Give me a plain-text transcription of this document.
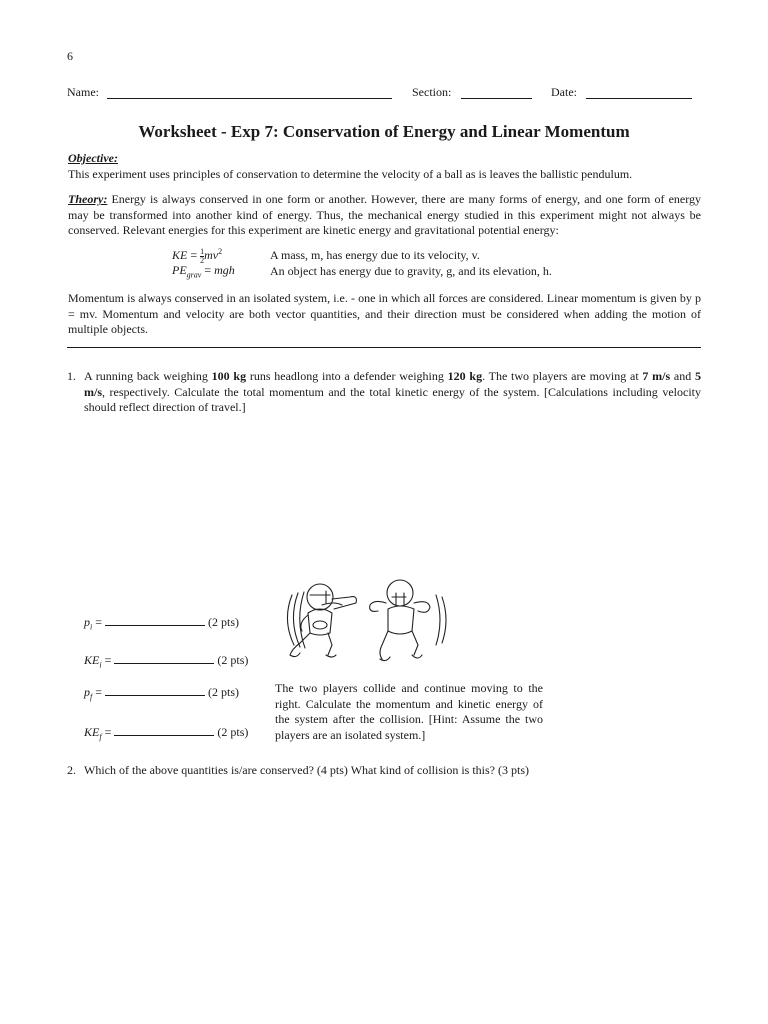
6
Name:	Section:	Date:
Worksheet - Exp 7: Conservation of Energy and Linear Momentum
Objective:
This experiment uses principles of conservation to determine the velocity of a ball as is leaves the ballistic pendulum.
Theory: Energy is always conserved in one form or another. However, there are many forms of energy, and one form of energy may be transformed into another kind of energy. Thus, the mechanical energy studied in this experiment might not always be conserved. Relevant energies for this experiment are kinetic energy and gravitational potential energy:
KE = $\frac{1}{2} mv^2$	A mass, m, has energy due to its velocity, v.
$PE_{grav}$ = mgh	An object has energy due to gravity, g, and its elevation, h.
Momentum is always conserved in an isolated system, i.e. - one in which all forces are considered. Linear momentum is given by p = mv. Momentum and velocity are both vector quantities, and their direction must be considered when adding the motion of multiple objects.
1. A running back weighing 100 kg runs headlong into a defender weighing 120 kg. The two players are moving at 7 m/s and 5 m/s, respectively. Calculate the total momentum and the total kinetic energy of the system. [Calculations including velocity should reflect direction of travel.]
$p_i$ =	(2 pts)
$KE_i$ =	(2 pts)
$p_f$ =	(2 pts)
$KE_f$ =	(2 pts)
The two players collide and continue moving to the right. Calculate the momentum and kinetic energy of the system after the collision. [Hint: Assume the two players are an isolated system.]
2. Which of the above quantities is/are conserved? (4 pts) What kind of collision is this? (3 pts)
